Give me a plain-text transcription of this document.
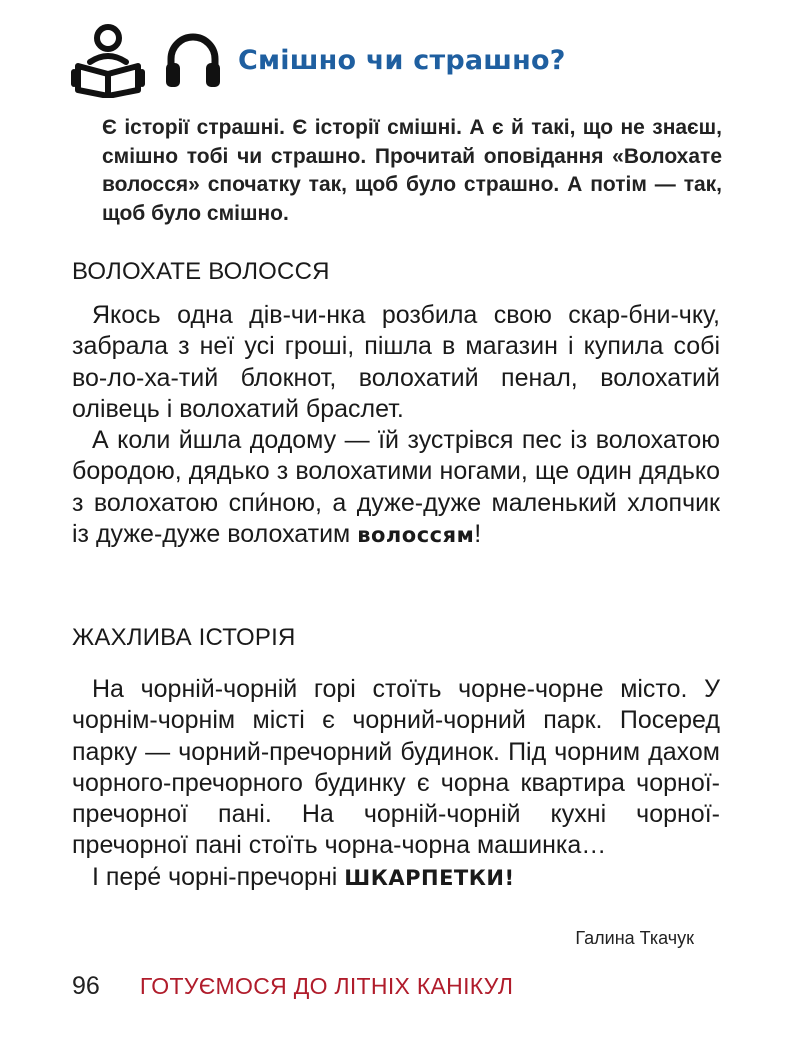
Смішно чи страшно?
Є історії страшні. Є історії смішні. А є й такі, що не знаєш, смішно тобі чи страшно. Прочитай оповідання «Волохате волосся» спочатку так, щоб було страшно. А потім — так, щоб було смішно.
ВОЛОХАТЕ ВОЛОССЯ

Якось одна дів-чи-нка розбила свою скар-бни-чку, забрала з неї усі гроші, пішла в магазин і купила собі во-ло-ха-тий блокнот, волохатий пенал, волохатий олівець і волохатий браслет.

А коли йшла додому — їй зустрівся пес із волохатою бородою, дядько з волохатими ногами, ще один дядько з волохатою спи́ною, а дуже-дуже маленький хлопчик із дуже-дуже волохатим волоссям!

ЖАХЛИВА ІСТОРІЯ

На чорній-чорній горі стоїть чорне-чорне місто. У чорнім-чорнім місті є чорний-чорний парк. Посеред парку — чорний-пречорний будинок. Під чорним дахом чорного-пречорного будинку є чорна квартира чорної-пречорної пані. На чорній-чорній кухні чорної-пречорної пані стоїть чорна-чорна машинка…

І пере́ чорні-пречорні ШКАРПЕТКИ!

Галина Ткачук
96 ГОТУЄМОСЯ ДО ЛІТНІХ КАНІКУЛ
